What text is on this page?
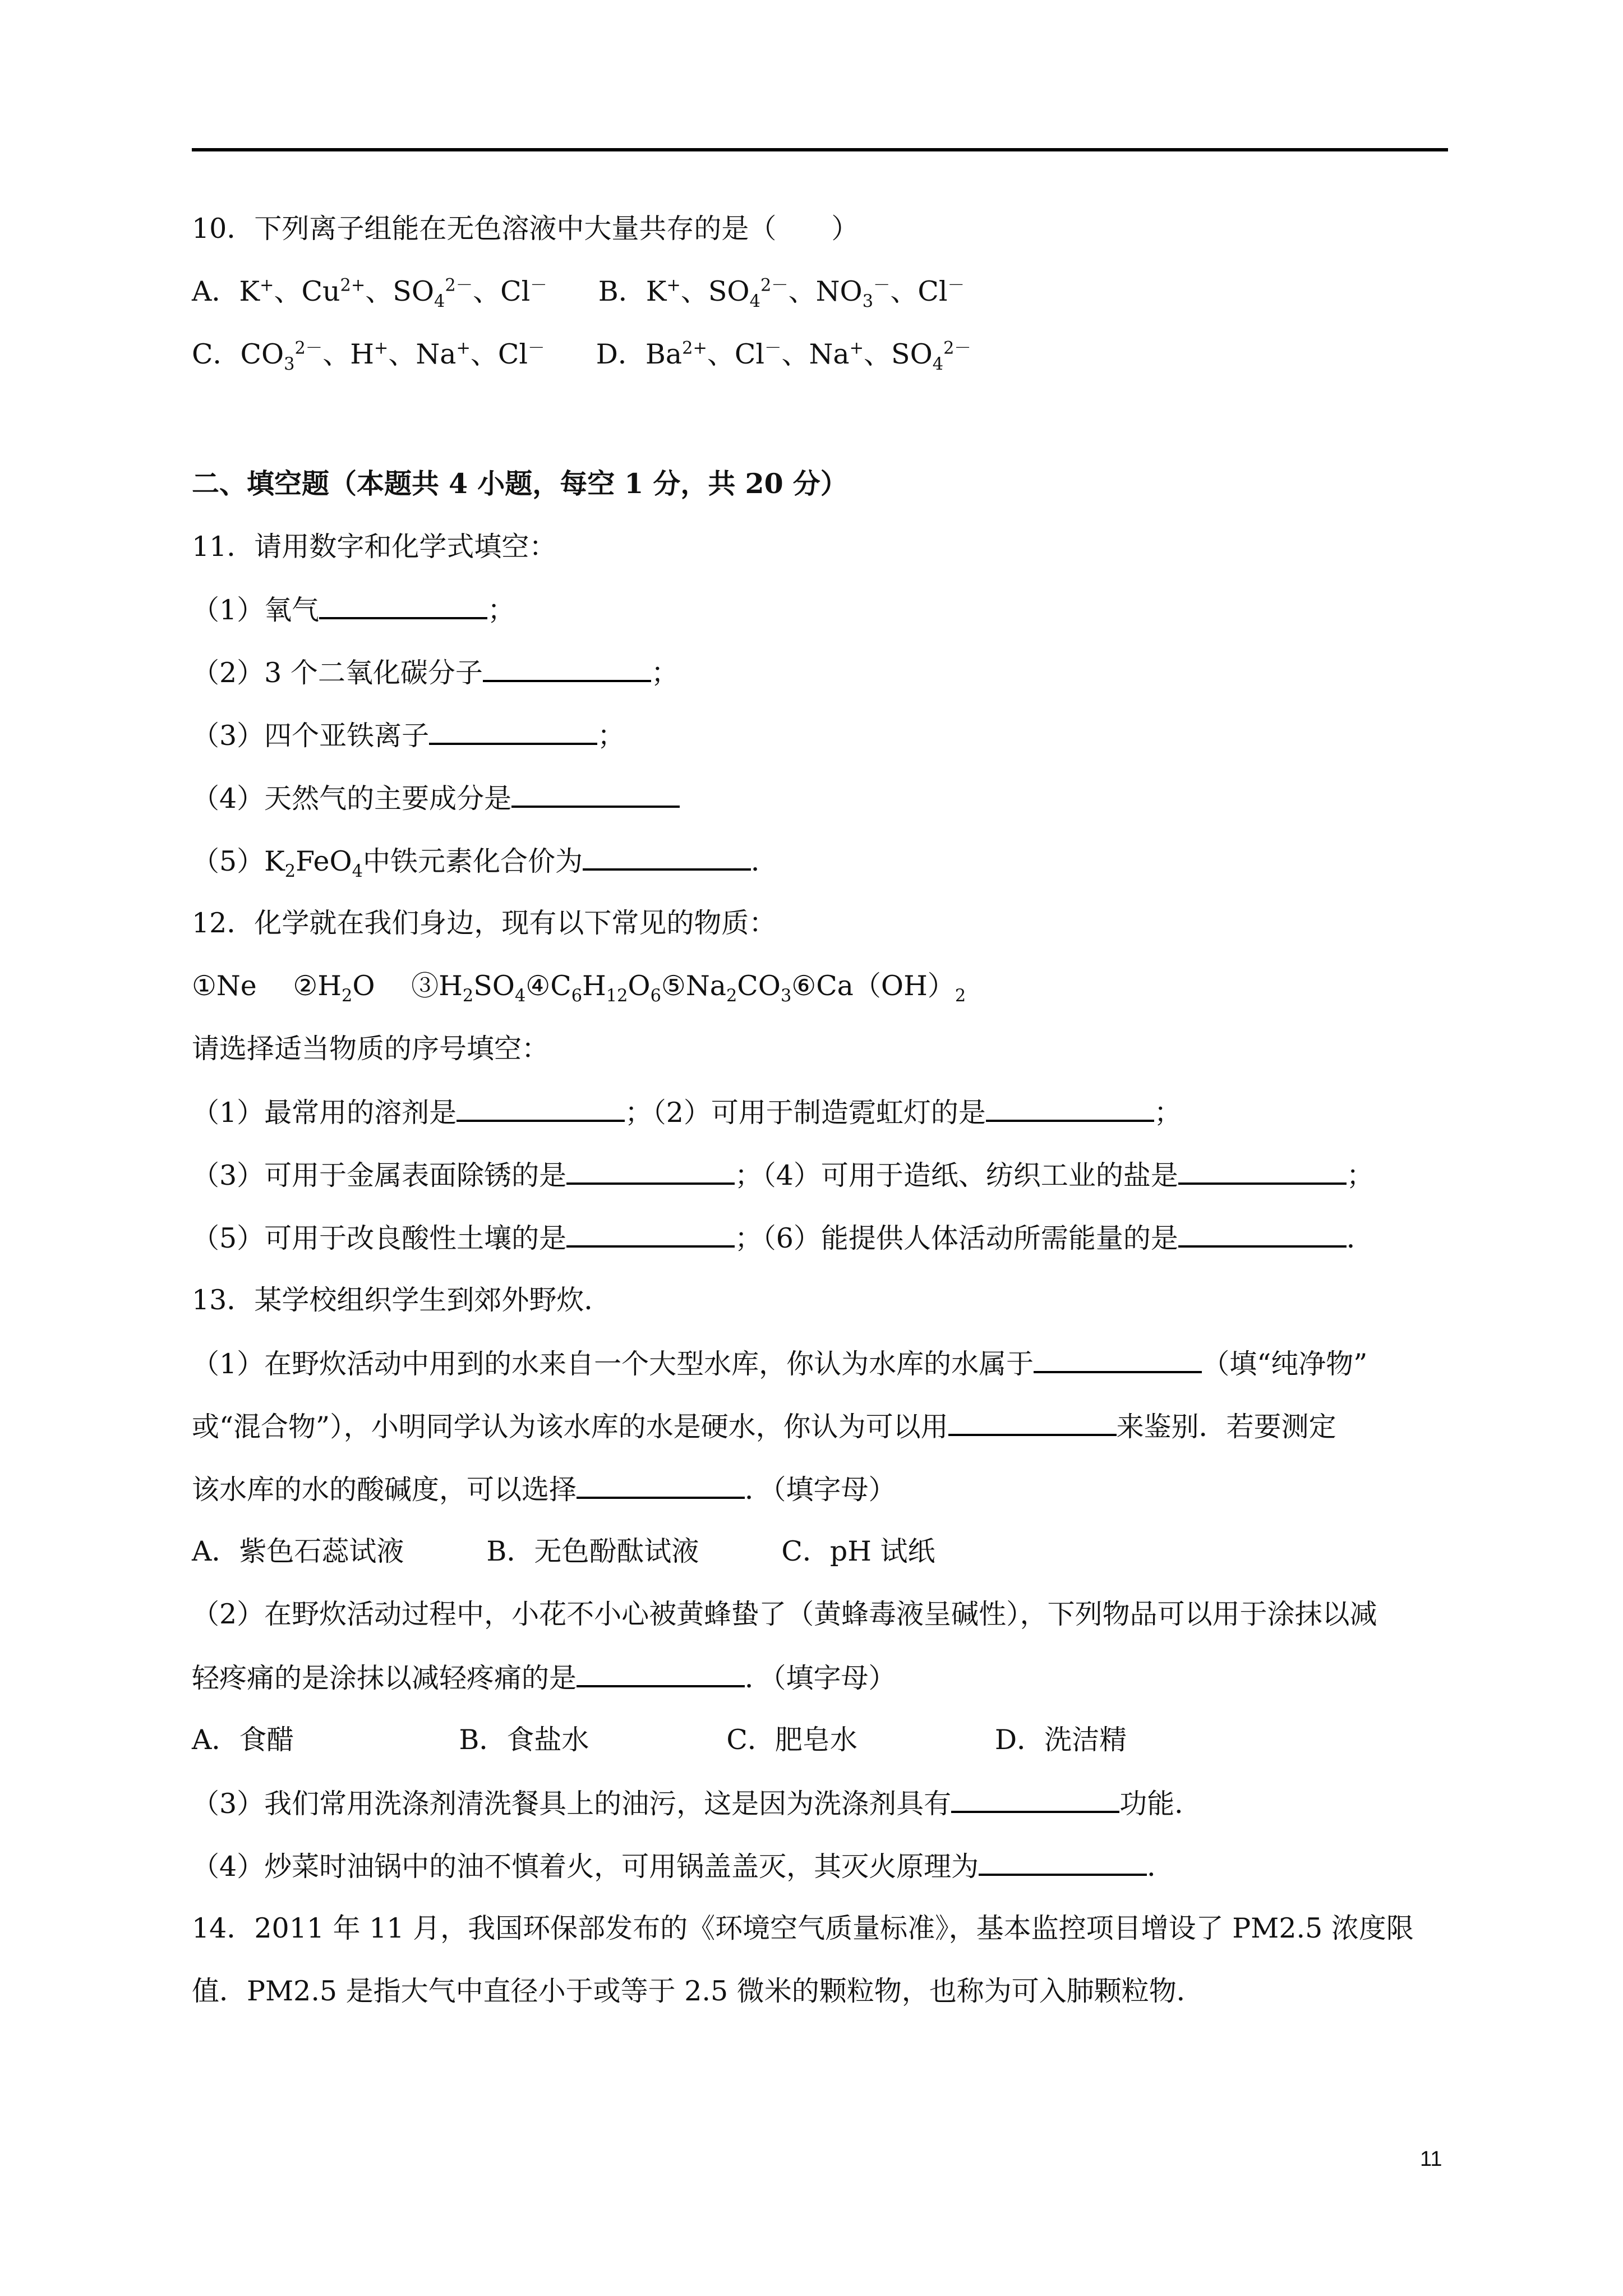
10．下列离子组能在无色溶液中大量共存的是（　　）
A．K+、$Cu^{2+}$、$SO_4^{2-}$、Cl－ B．K+、$SO_4^{2-}$、$NO_3^-$、Cl－
C．$CO_3^{2-}$、H+、Na+、Cl－ D．$Ba^{2+}$、Cl－、Na+、$SO_4^{2-}$
二、填空题（本题共 4 小题，每空 1 分，共 20 分）
11．请用数字和化学式填空：
（1）氧气	；
（2）3 个二氧化碳分子	；
（3）四个亚铁离子	；
（4）天然气的主要成分是
$(5)K_2FeO_4$中铁元素化合价为	．
12．化学就在我们身边，现有以下常见的物质：
①Ne　 $②H_2O$　 $③H_2SO_4④C_6H_{12}O_6⑤Na_2CO_3⑥Ca(OH)_2$
请选择适当物质的序号填空：
（1）最常用的溶剂是	；（2）可用于制造霓虹灯的是	；
（3）可用于金属表面除锈的是	；（4）可用于造纸、纺织工业的盐是	；
（5）可用于改良酸性土壤的是	；（6）能提供人体活动所需能量的是	．
13．某学校组织学生到郊外野炊．
（1）在野炊活动中用到的水来自一个大型水库，你认为水库的水属于	（填“纯净物”
或“混合物”），小明同学认为该水库的水是硬水，你认为可以用	来鉴别．若要测定
该水库的水的酸碱度，可以选择	．（填字母）
A．紫色石蕊试液　　　B．无色酚酞试液　　　C．pH 试纸
（2）在野炊活动过程中，小花不小心被黄蜂蛰了（黄蜂毒液呈碱性），下列物品可以用于涂抹以减
轻疼痛的是涂抹以减轻疼痛的是	．（填字母）
A．食醋　　　　　　B．食盐水　　　　　C．肥皂水　　　　　D．洗洁精
（3）我们常用洗涤剂清洗餐具上的油污，这是因为洗涤剂具有	功能．
（4）炒菜时油锅中的油不慎着火，可用锅盖盖灭，其灭火原理为	．
14．2011 年 11 月，我国环保部发布的《环境空气质量标准》，基本监控项目增设了 PM2.5 浓度限
值．PM2.5 是指大气中直径小于或等于 2.5 微米的颗粒物，也称为可入肺颗粒物．
11
